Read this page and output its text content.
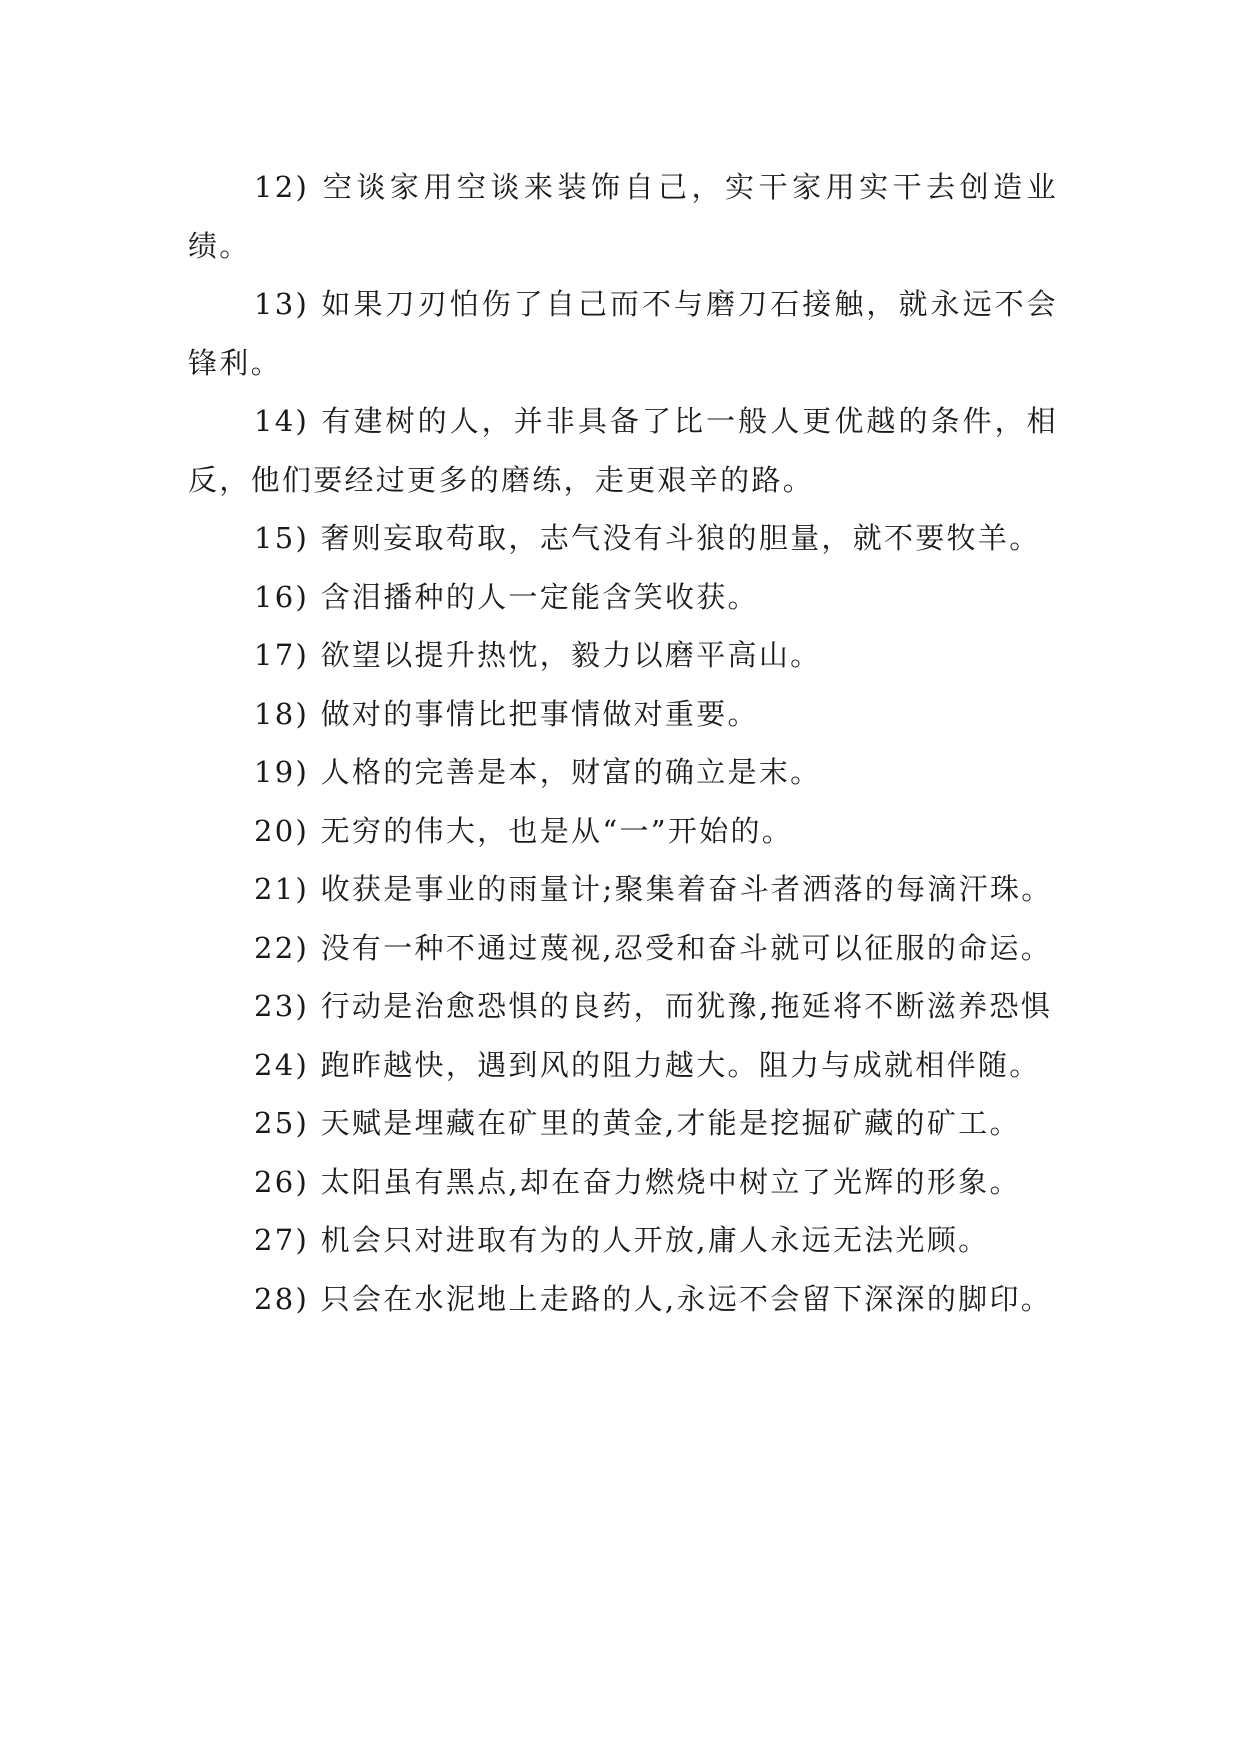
12) 空谈家用空谈来装饰自己，实干家用实干去创造业绩。

13) 如果刀刃怕伤了自己而不与磨刀石接触，就永远不会锋利。

14) 有建树的人，并非具备了比一般人更优越的条件，相反，他们要经过更多的磨练，走更艰辛的路。

15) 奢则妄取苟取，志气没有斗狼的胆量，就不要牧羊。

16) 含泪播种的人一定能含笑收获。

17) 欲望以提升热忱，毅力以磨平高山。

18) 做对的事情比把事情做对重要。

19) 人格的完善是本，财富的确立是末。

20) 无穷的伟大，也是从“一”开始的。

21) 收获是事业的雨量计;聚集着奋斗者洒落的每滴汗珠。

22) 没有一种不通过蔑视,忍受和奋斗就可以征服的命运。

23) 行动是治愈恐惧的良药，而犹豫,拖延将不断滋养恐惧

24) 跑昨越快，遇到风的阻力越大。阻力与成就相伴随。

25) 天赋是埋藏在矿里的黄金,才能是挖掘矿藏的矿工。

26) 太阳虽有黑点,却在奋力燃烧中树立了光辉的形象。

27) 机会只对进取有为的人开放,庸人永远无法光顾。

28) 只会在水泥地上走路的人,永远不会留下深深的脚印。
